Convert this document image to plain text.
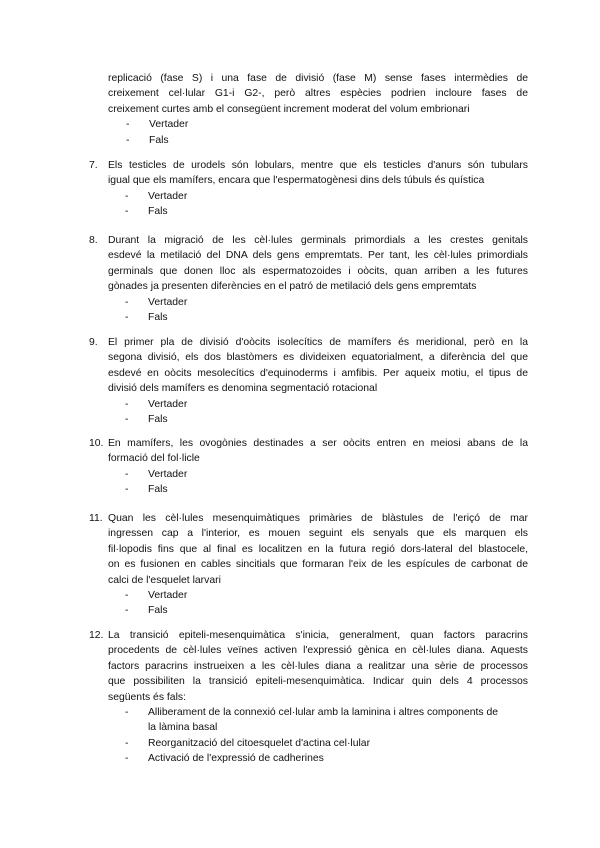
replicació (fase S) i una fase de divisió (fase M) sense fases intermèdies de
creixement cel·lular G1-i G2-, però altres espècies podrien incloure fases de
creixement curtes amb el consegüent increment moderat del volum embrionari
- Vertader
- Fals
7. Els testicles de urodels són lobulars, mentre que els testicles d'anurs són tubulars
igual que els mamífers, encara que l'espermatogènesi dins dels túbuls és quística
- Vertader
- Fals
8. Durant la migració de les cèl·lules germinals primordials a les crestes genitals
esdevé la metilació del DNA dels gens empremtats. Per tant, les cèl·lules primordials
germinals que donen lloc als espermatozoides i oòcits, quan arriben a les futures
gònades ja presenten diferències en el patró de metilació dels gens empremtats
- Vertader
- Fals
9. El primer pla de divisió d'oòcits isolecítics de mamífers és meridional, però en la
segona divisió, els dos blastòmers es divideixen equatorialment, a diferència del que
esdevé en oòcits mesolecítics d'equinoderms i amfibis. Per aqueix motiu, el tipus de
divisió dels mamífers es denomina segmentació rotacional
- Vertader
- Fals
10. En mamífers, les ovogònies destinades a ser oòcits entren en meiosi abans de la
formació del fol·licle
- Vertader
- Fals
11. Quan les cèl·lules mesenquimàtiques primàries de blàstules de l'eriçó de mar
ingressen cap a l'interior, es mouen seguint els senyals que els marquen els
fil·lopodis fins que al final es localitzen en la futura regió dors-lateral del blastocele,
on es fusionen en cables sincitials que formaran l'eix de les espícules de carbonat de
calci de l'esquelet larvari
- Vertader
- Fals
12. La transició epiteli-mesenquimàtica s'inicia, generalment, quan factors paracrins
procedents de cèl·lules veïnes activen l'expressió gènica en cèl·lules diana. Aquests
factors paracrins instrueixen a les cèl·lules diana a realitzar una sèrie de processos
que possibiliten la transició epiteli-mesenquimàtica. Indicar quin dels 4 processos
següents és fals:
- Alliberament de la connexió cel·lular amb la laminina i altres components de
la làmina basal
- Reorganització del citoesquelet d'actina cel·lular
- Activació de l'expressió de cadherines
